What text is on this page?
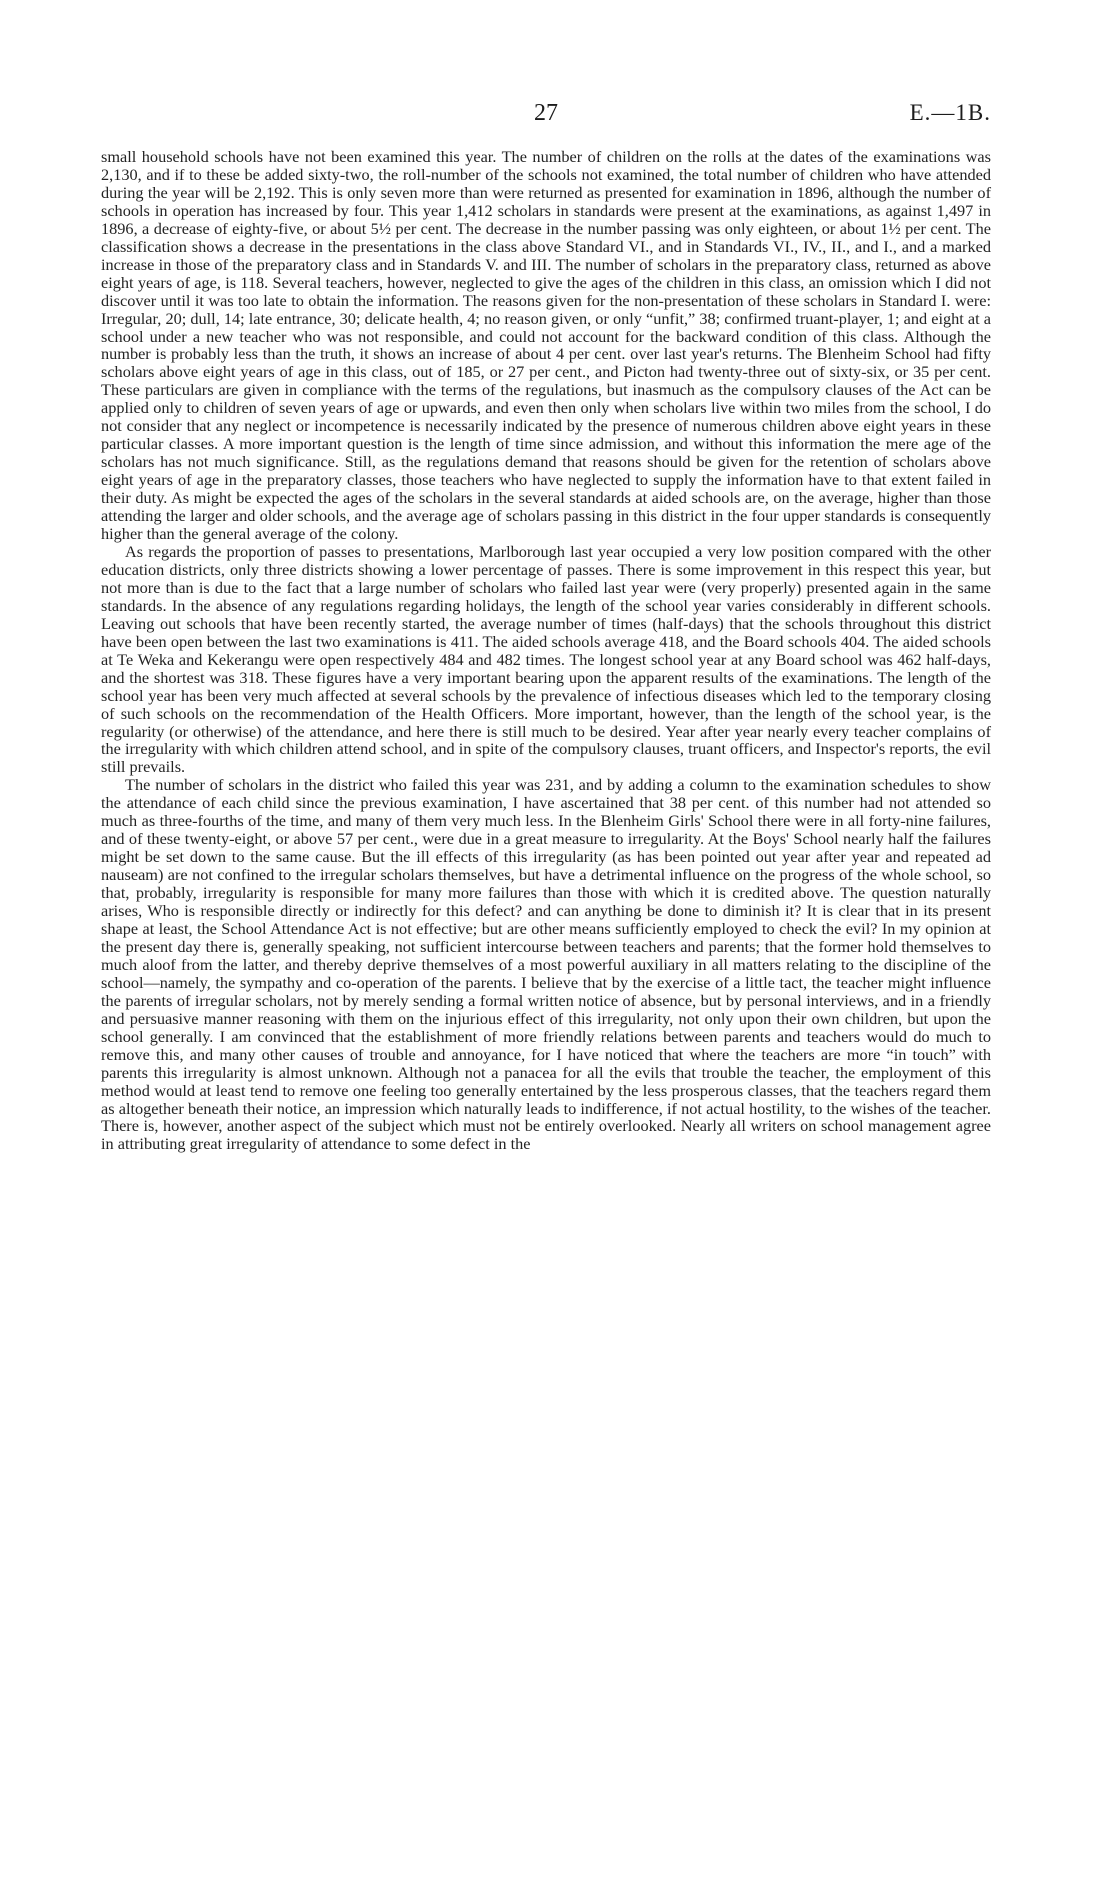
27	E.—1B.

small household schools have not been examined this year. The number of children on the rolls at the dates of the examinations was 2,130, and if to these be added sixty-two, the roll-number of the schools not examined, the total number of children who have attended during the year will be 2,192. This is only seven more than were returned as presented for examination in 1896, although the number of schools in operation has increased by four. This year 1,412 scholars in standards were present at the examinations, as against 1,497 in 1896, a decrease of eighty-five, or about 5½ per cent. The decrease in the number passing was only eighteen, or about 1½ per cent. The classification shows a decrease in the presentations in the class above Standard VI., and in Standards VI., IV., II., and I., and a marked increase in those of the preparatory class and in Standards V. and III. The number of scholars in the preparatory class, returned as above eight years of age, is 118. Several teachers, however, neglected to give the ages of the children in this class, an omission which I did not discover until it was too late to obtain the information. The reasons given for the non-presentation of these scholars in Standard I. were: Irregular, 20; dull, 14; late entrance, 30; delicate health, 4; no reason given, or only “unfit,” 38; confirmed truant-player, 1; and eight at a school under a new teacher who was not responsible, and could not account for the backward condition of this class. Although the number is probably less than the truth, it shows an increase of about 4 per cent. over last year's returns. The Blenheim School had fifty scholars above eight years of age in this class, out of 185, or 27 per cent., and Picton had twenty-three out of sixty-six, or 35 per cent. These particulars are given in compliance with the terms of the regulations, but inasmuch as the compulsory clauses of the Act can be applied only to children of seven years of age or upwards, and even then only when scholars live within two miles from the school, I do not consider that any neglect or incompetence is necessarily indicated by the presence of numerous children above eight years in these particular classes. A more important question is the length of time since admission, and without this information the mere age of the scholars has not much significance. Still, as the regulations demand that reasons should be given for the retention of scholars above eight years of age in the preparatory classes, those teachers who have neglected to supply the information have to that extent failed in their duty. As might be expected the ages of the scholars in the several standards at aided schools are, on the average, higher than those attending the larger and older schools, and the average age of scholars passing in this district in the four upper standards is consequently higher than the general average of the colony.

As regards the proportion of passes to presentations, Marlborough last year occupied a very low position compared with the other education districts, only three districts showing a lower percentage of passes. There is some improvement in this respect this year, but not more than is due to the fact that a large number of scholars who failed last year were (very properly) presented again in the same standards. In the absence of any regulations regarding holidays, the length of the school year varies considerably in different schools. Leaving out schools that have been recently started, the average number of times (half-days) that the schools throughout this district have been open between the last two examinations is 411. The aided schools average 418, and the Board schools 404. The aided schools at Te Weka and Kekerangu were open respectively 484 and 482 times. The longest school year at any Board school was 462 half-days, and the shortest was 318. These figures have a very important bearing upon the apparent results of the examinations. The length of the school year has been very much affected at several schools by the prevalence of infectious diseases which led to the temporary closing of such schools on the recommendation of the Health Officers. More important, however, than the length of the school year, is the regularity (or otherwise) of the attendance, and here there is still much to be desired. Year after year nearly every teacher complains of the irregularity with which children attend school, and in spite of the compulsory clauses, truant officers, and Inspector's reports, the evil still prevails.

The number of scholars in the district who failed this year was 231, and by adding a column to the examination schedules to show the attendance of each child since the previous examination, I have ascertained that 38 per cent. of this number had not attended so much as three-fourths of the time, and many of them very much less. In the Blenheim Girls' School there were in all forty-nine failures, and of these twenty-eight, or above 57 per cent., were due in a great measure to irregularity. At the Boys' School nearly half the failures might be set down to the same cause. But the ill effects of this irregularity (as has been pointed out year after year and repeated ad nauseam) are not confined to the irregular scholars themselves, but have a detrimental influence on the progress of the whole school, so that, probably, irregularity is responsible for many more failures than those with which it is credited above. The question naturally arises, Who is responsible directly or indirectly for this defect? and can anything be done to diminish it? It is clear that in its present shape at least, the School Attendance Act is not effective; but are other means sufficiently employed to check the evil? In my opinion at the present day there is, generally speaking, not sufficient intercourse between teachers and parents; that the former hold themselves to much aloof from the latter, and thereby deprive themselves of a most powerful auxiliary in all matters relating to the discipline of the school—namely, the sympathy and co-operation of the parents. I believe that by the exercise of a little tact, the teacher might influence the parents of irregular scholars, not by merely sending a formal written notice of absence, but by personal interviews, and in a friendly and persuasive manner reasoning with them on the injurious effect of this irregularity, not only upon their own children, but upon the school generally. I am convinced that the establishment of more friendly relations between parents and teachers would do much to remove this, and many other causes of trouble and annoyance, for I have noticed that where the teachers are more “in touch” with parents this irregularity is almost unknown. Although not a panacea for all the evils that trouble the teacher, the employment of this method would at least tend to remove one feeling too generally entertained by the less prosperous classes, that the teachers regard them as altogether beneath their notice, an impression which naturally leads to indifference, if not actual hostility, to the wishes of the teacher. There is, however, another aspect of the subject which must not be entirely overlooked. Nearly all writers on school management agree in attributing great irregularity of attendance to some defect in the
